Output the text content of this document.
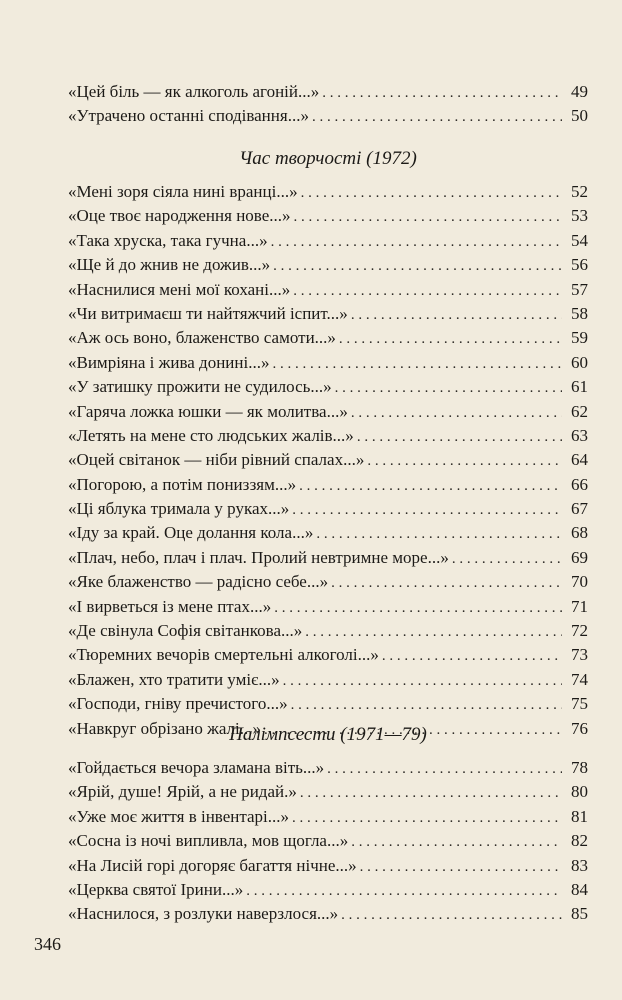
«Цей біль — як алкоголь агоній...» . . .	49
«Утрачено останні сподівання...» . . .	50
Час творчості (1972)
«Мені зоря сіяла нині вранці...» . . .	52
«Оце твоє народження нове...» . . .	53
«Така хруска, така гучна...» . . .	54
«Ще й до жнив не дожив...» . . .	56
«Наснилися мені мої кохані...» . . .	57
«Чи витримаєш ти найтяжчий іспит...» . . .	58
«Аж ось воно, блаженство самоти...» . . .	59
«Вимріяна і жива донині...» . . .	60
«У затишку прожити не судилось...» . . .	61
«Гаряча ложка юшки — як молитва...» . . .	62
«Летять на мене сто людських жалів...» . . .	63
«Оцей світанок — ніби рівний спалах...» . . .	64
«Погорою, а потім пониззям...» . . .	66
«Ці яблука тримала у руках...» . . .	67
«Іду за край. Оце долання кола...» . . .	68
«Плач, небо, плач і плач. Пролий невтримне море...» . . .	69
«Яке блаженство — радісно себе...» . . .	70
«І вирветься із мене птах...» . . .	71
«Де свінула Софія світанкова...» . . .	72
«Тюремних вечорів смертельні алкоголі...» . . .	73
«Блажен, хто тратити уміє...» . . .	74
«Господи, гніву пречистого...» . . .	75
«Навкруг обрізано жалі...» . . .	76
Палімпсести (1971—79)
«Гойдається вечора зламана віть...» . . .	78
«Ярій, душе! Ярій, а не ридай.» . . .	80
«Уже моє життя в інвентарі...» . . .	81
«Сосна із ночі випливла, мов щогла...» . . .	82
«На Лисій горі догоряє багаття нічне...» . . .	83
«Церква святої Ірини...» . . .	84
«Наснилося, з розлуки наверзлося...» . . .	85
346
